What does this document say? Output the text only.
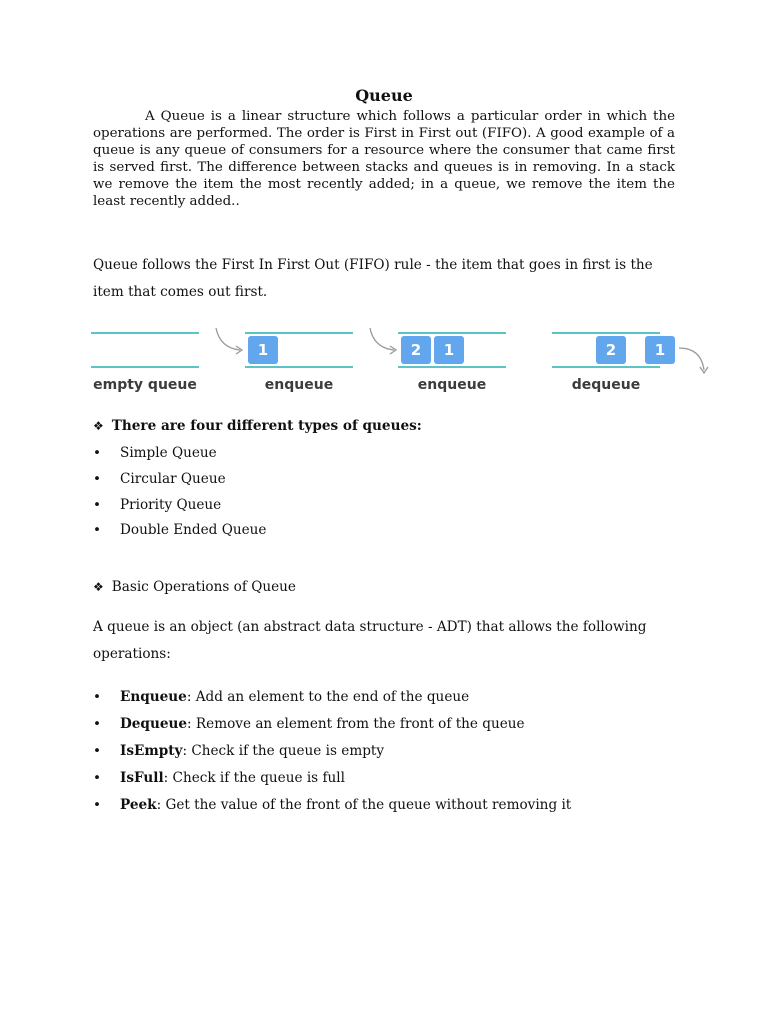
Queue

A Queue is a linear structure which follows a particular order in which the operations are performed. The order is First in First out (FIFO). A good example of a queue is any queue of consumers for a resource where the consumer that came first is served first. The difference between stacks and queues is in removing. In a stack we remove the item the most recently added; in a queue, we remove the item the least recently added..

Queue follows the First In First Out (FIFO) rule - the item that goes in first is the item that comes out first.

empty queue
1
enqueue
2	1
enqueue
2	1
dequeue
❖ There are four different types of queues:
• Simple Queue
• Circular Queue
• Priority Queue
• Double Ended Queue
❖ Basic Operations of Queue

A queue is an object (an abstract data structure - ADT) that allows the following operations:

• Enqueue: Add an element to the end of the queue
• Dequeue: Remove an element from the front of the queue
• IsEmpty: Check if the queue is empty
• IsFull: Check if the queue is full
• Peek: Get the value of the front of the queue without removing it
